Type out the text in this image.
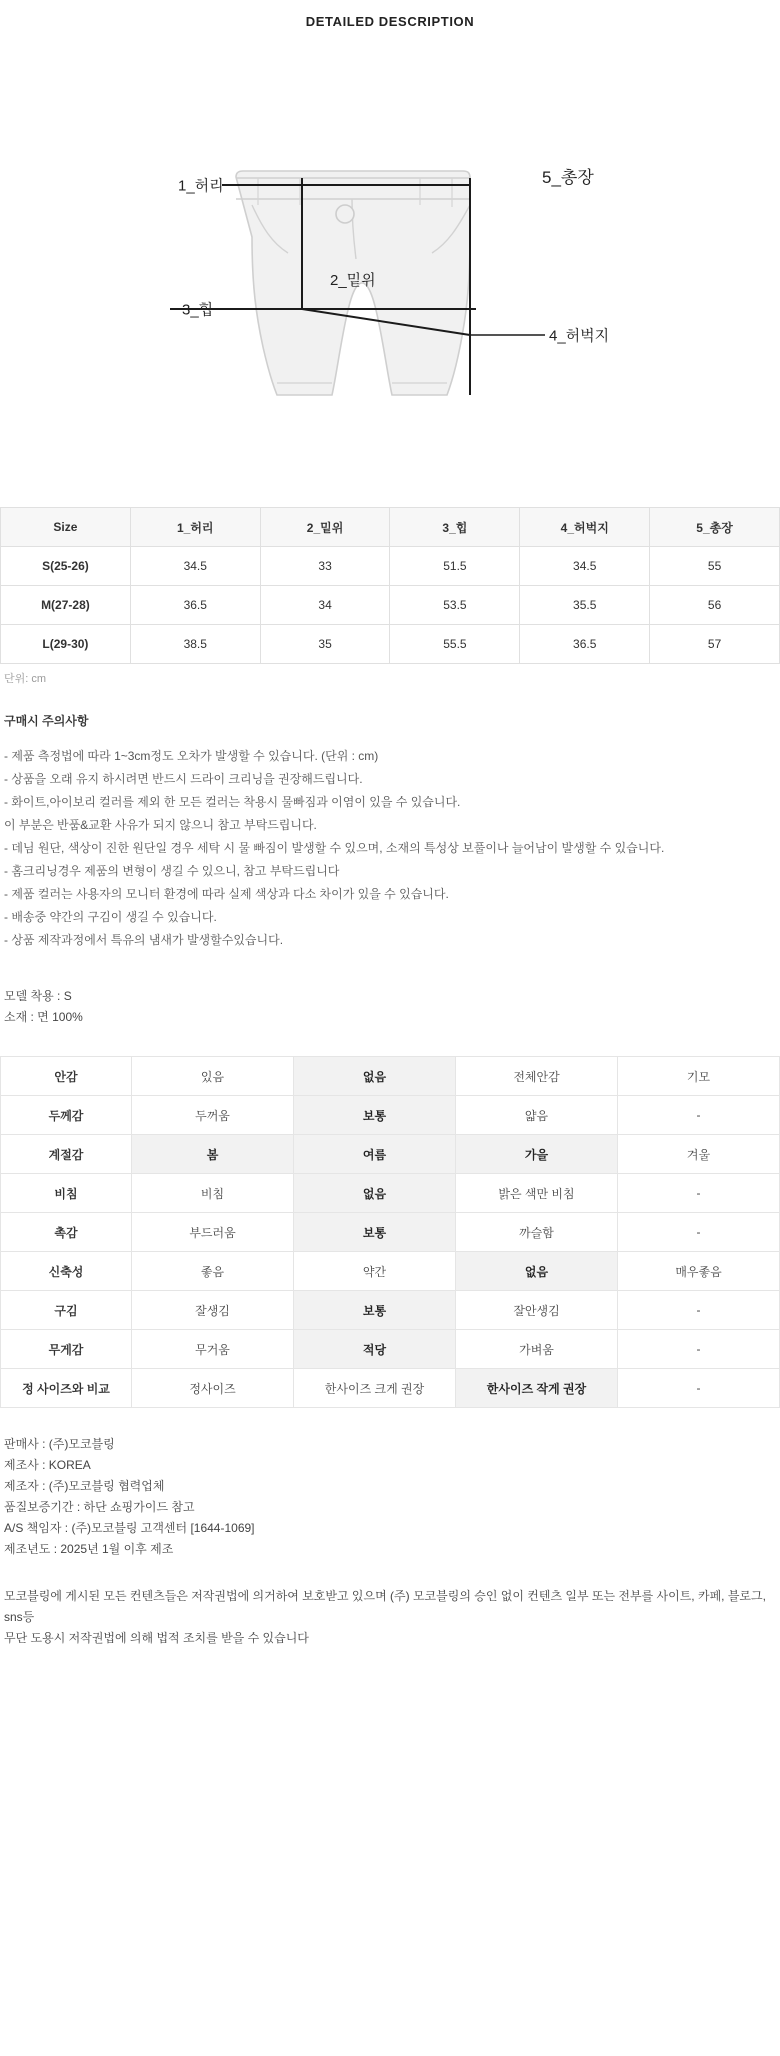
DETAILED DESCRIPTION
1_허리
2_밑위
3_힙
4_허벅지
5_총장
Size	1_허리	2_밑위	3_힙	4_허벅지	5_총장
S(25-26)	34.5	33	51.5	34.5	55
M(27-28)	36.5	34	53.5	35.5	56
L(29-30)	38.5	35	55.5	36.5	57
단위: cm
구매시 주의사항
- 제품 측정법에 따라 1~3cm정도 오차가 발생할 수 있습니다. (단위 : cm)
- 상품을 오래 유지 하시려면 반드시 드라이 크리닝을 권장해드립니다.
- 화이트,아이보리 컬러를 제외 한 모든 컬러는 착용시 물빠짐과 이염이 있을 수 있습니다.
이 부분은 반품&교환 사유가 되지 않으니 참고 부탁드립니다.
- 데님 원단, 색상이 진한 원단일 경우 세탁 시 물 빠짐이 발생할 수 있으며, 소재의 특성상 보풀이나 늘어남이 발생할 수 있습니다.
- 홈크리닝경우 제품의 변형이 생길 수 있으니, 참고 부탁드립니다
- 제품 컬러는 사용자의 모니터 환경에 따라 실제 색상과 다소 차이가 있을 수 있습니다.
- 배송중 약간의 구김이 생길 수 있습니다.
- 상품 제작과정에서 특유의 냄새가 발생할수있습니다.
모델 착용 : S
소재 : 면 100%
안감	있음	없음	전체안감	기모
두께감	두꺼움	보통	얇음	-
계절감	봄	여름	가을	겨울
비침	비침	없음	밝은 색만 비침	-
촉감	부드러움	보통	까슬함	-
신축성	좋음	약간	없음	매우좋음
구김	잘생김	보통	잘안생김	-
무게감	무거움	적당	가벼움	-
정 사이즈와 비교	정사이즈	한사이즈 크게 권장	한사이즈 작게 권장	-
판매사 : (주)모코블링
제조사 : KOREA
제조자 : (주)모코블링 협력업체
품질보증기간 : 하단 쇼핑가이드 참고
A/S 책임자 : (주)모코블링 고객센터 [1644-1069]
제조년도 : 2025년 1월 이후 제조
모코블링에 게시된 모든 컨텐츠들은 저작권법에 의거하여 보호받고 있으며 (주) 모코블링의 승인 없이 컨텐츠 일부 또는 전부를 사이트, 카페, 블로그, sns등
무단 도용시 저작권법에 의해 법적 조치를 받을 수 있습니다
